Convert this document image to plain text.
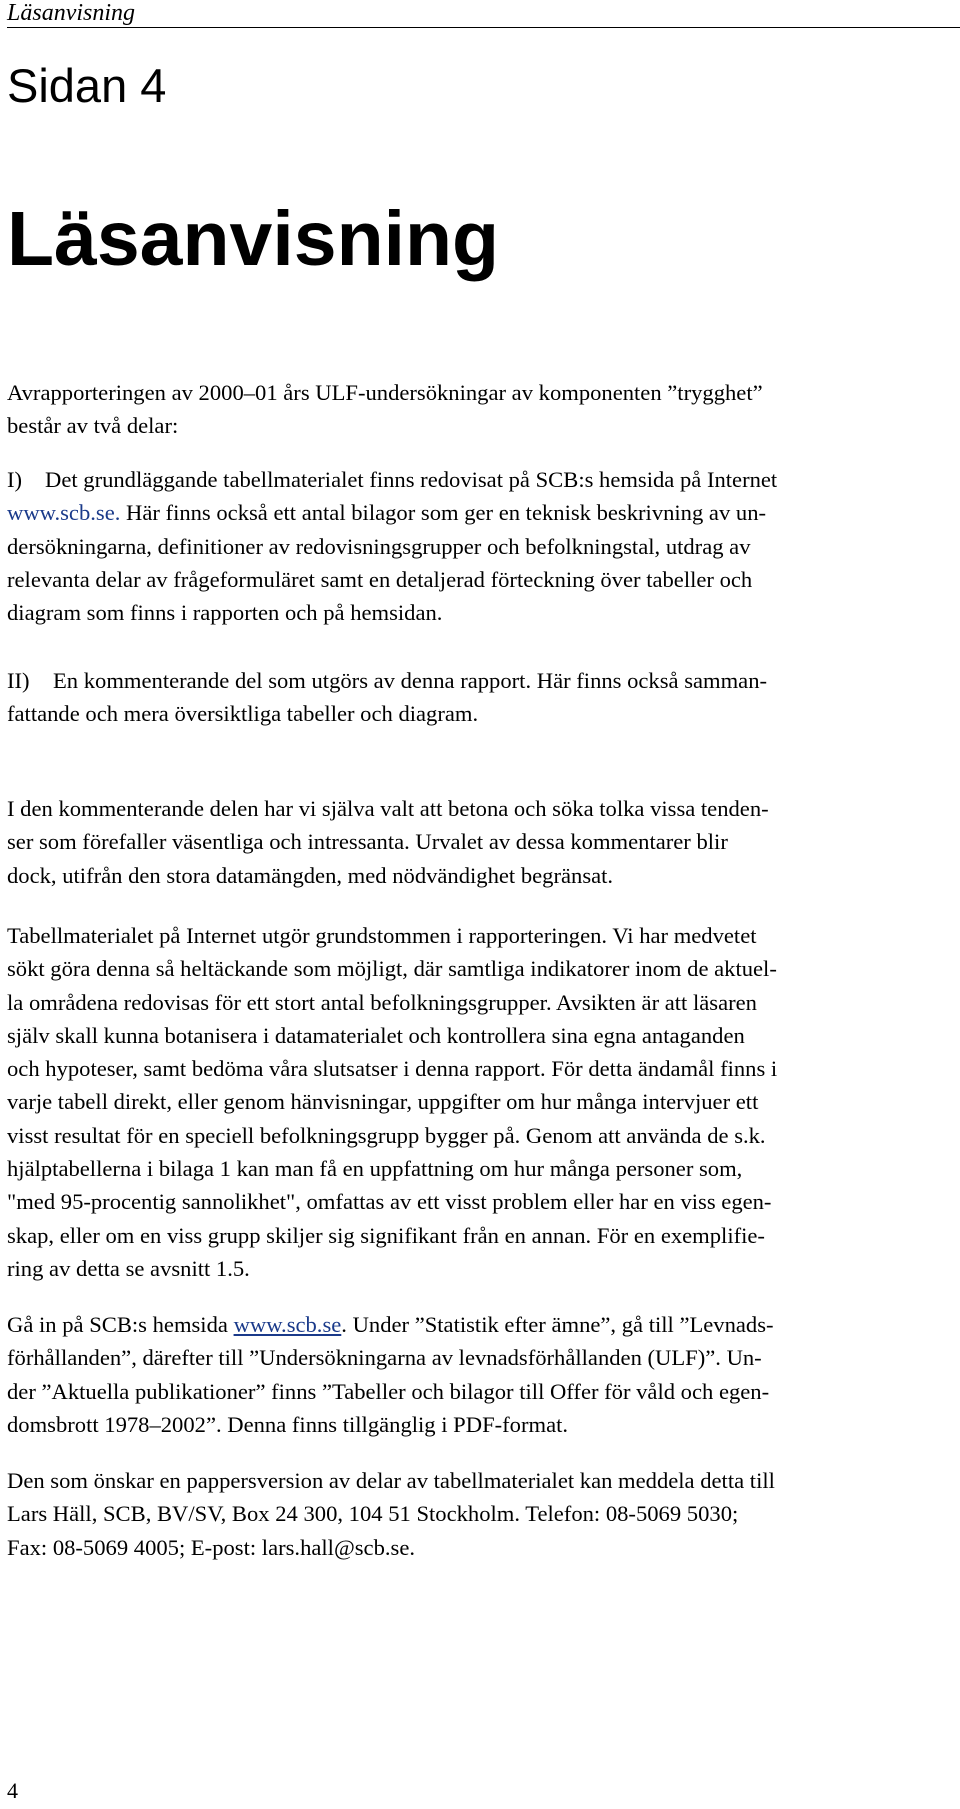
Läsanvisning
Sidan 4
Läsanvisning

Avrapporteringen av 2000–01 års ULF-undersökningar av komponenten ”trygghet”

består av två delar:

I) Det grundläggande tabellmaterialet finns redovisat på SCB:s hemsida på Internet

www.scb.se. Här finns också ett antal bilagor som ger en teknisk beskrivning av un-

dersökningarna, definitioner av redovisningsgrupper och befolkningstal, utdrag av

relevanta delar av frågeformuläret samt en detaljerad förteckning över tabeller och

diagram som finns i rapporten och på hemsidan.

II) En kommenterande del som utgörs av denna rapport. Här finns också samman-

fattande och mera översiktliga tabeller och diagram.

I den kommenterande delen har vi själva valt att betona och söka tolka vissa tenden-

ser som förefaller väsentliga och intressanta. Urvalet av dessa kommentarer blir

dock, utifrån den stora datamängden, med nödvändighet begränsat.

Tabellmaterialet på Internet utgör grundstommen i rapporteringen. Vi har medvetet

sökt göra denna så heltäckande som möjligt, där samtliga indikatorer inom de aktuel-

la områdena redovisas för ett stort antal befolkningsgrupper. Avsikten är att läsaren

själv skall kunna botanisera i datamaterialet och kontrollera sina egna antaganden

och hypoteser, samt bedöma våra slutsatser i denna rapport. För detta ändamål finns i

varje tabell direkt, eller genom hänvisningar, uppgifter om hur många intervjuer ett

visst resultat för en speciell befolkningsgrupp bygger på. Genom att använda de s.k.

hjälptabellerna i bilaga 1 kan man få en uppfattning om hur många personer som,

"med 95-procentig sannolikhet", omfattas av ett visst problem eller har en viss egen-

skap, eller om en viss grupp skiljer sig signifikant från en annan. För en exemplifie-

ring av detta se avsnitt 1.5.

Gå in på SCB:s hemsida www.scb.se. Under ”Statistik efter ämne”, gå till ”Levnads-

förhållanden”, därefter till ”Undersökningarna av levnadsförhållanden (ULF)”. Un-

der ”Aktuella publikationer” finns ”Tabeller och bilagor till Offer för våld och egen-

domsbrott 1978–2002”. Denna finns tillgänglig i PDF-format.

Den som önskar en pappersversion av delar av tabellmaterialet kan meddela detta till

Lars Häll, SCB, BV/SV, Box 24 300, 104 51 Stockholm. Telefon: 08-5069 5030;

Fax: 08-5069 4005; E-post: lars.hall@scb.se.

4
